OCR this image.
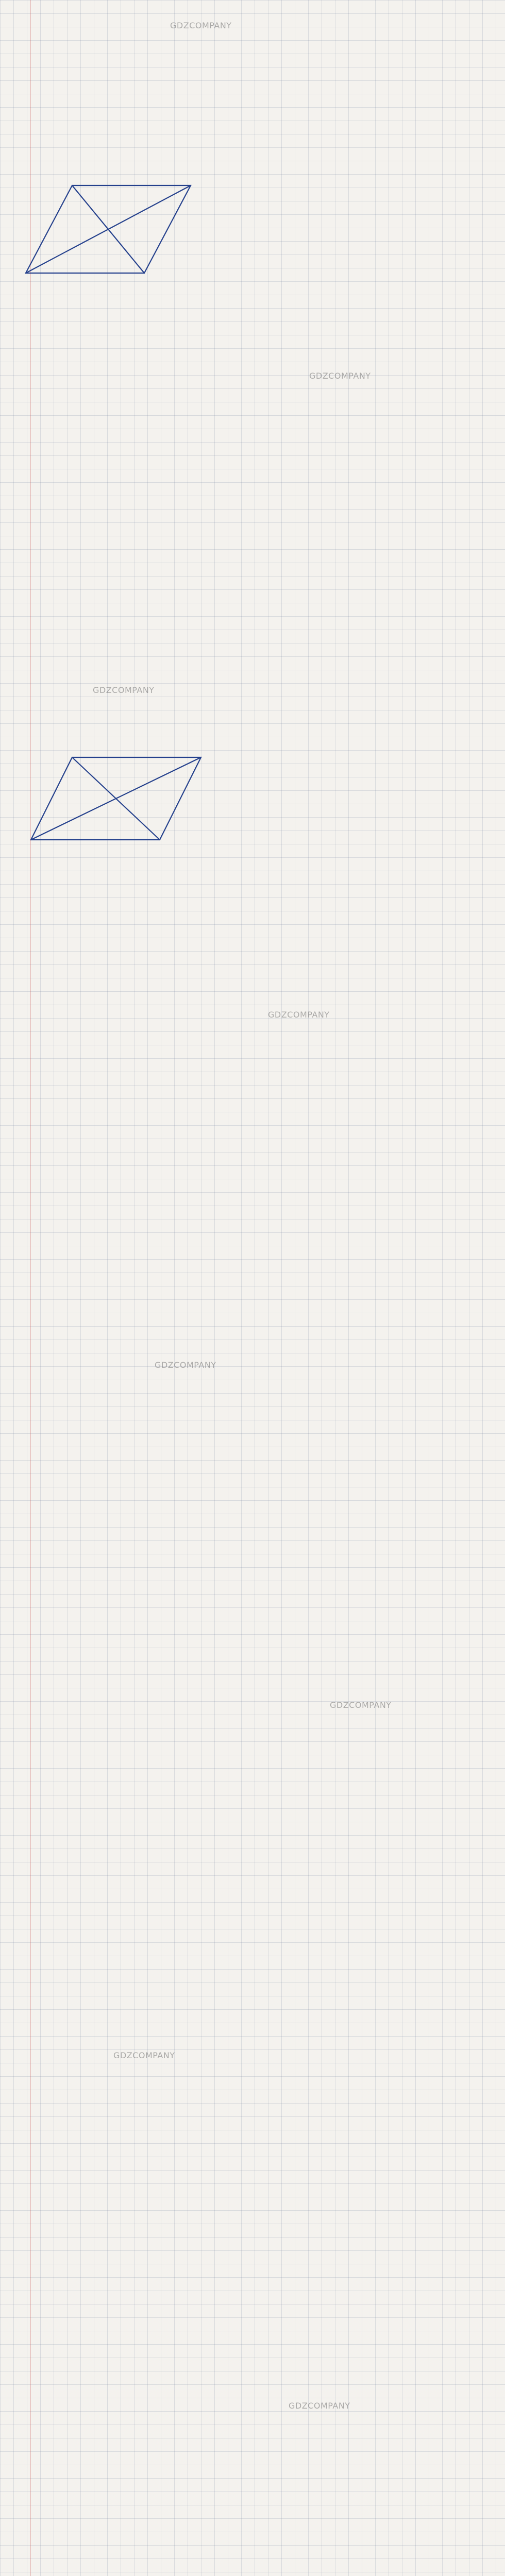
GDZCOMPANY
GDZCOMPANY
GDZCOMPANY
GDZCOMPANY
GDZCOMPANY
GDZCOMPANY
GDZCOMPANY
GDZCOMPANY
